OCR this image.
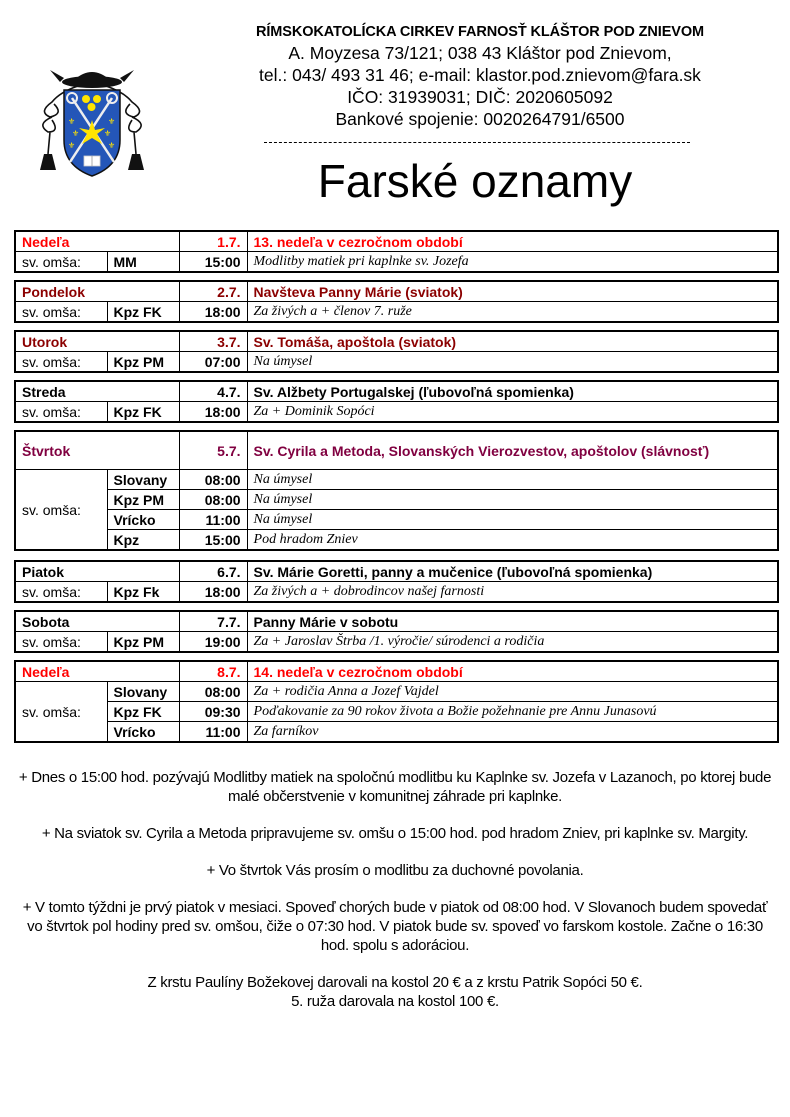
⚜
⚜
⚜
⚜
⚜
⚜
RÍMSKOKATOLÍCKA CIRKEV FARNOSŤ KLÁŠTOR POD ZNIEVOM
A. Moyzesa 73/121; 038 43 Kláštor pod Znievom,
tel.: 043/ 493 31 46; e-mail: klastor.pod.znievom@fara.sk
IČO: 31939031; DIČ: 2020605092
Bankové spojenie: 0020264791/6500
Farské oznamy
Nedeľa		1.7.	13. nedeľa v cezročnom období
sv. omša:	MM	15:00	Modlitby matiek pri kaplnke sv. Jozefa
Pondelok		2.7.	Navšteva Panny Márie (sviatok)
sv. omša:	Kpz FK	18:00	Za živých a + členov 7. ruže
Utorok		3.7.	Sv. Tomáša, apoštola (sviatok)
sv. omša:	Kpz PM	07:00	Na úmysel
Streda		4.7.	Sv. Alžbety Portugalskej (ľubovoľná spomienka)
sv. omša:	Kpz FK	18:00	Za + Dominik Sopóci
Štvrtok		5.7.	Sv. Cyrila a Metoda, Slovanských Vierozvestov, apoštolov (slávnosť)
sv. omša:	Slovany	08:00	Na úmysel
	Kpz PM	08:00	Na úmysel
	Vrícko	11:00	Na úmysel
	Kpz	15:00	Pod hradom Zniev
Piatok		6.7.	Sv. Márie Goretti, panny a mučenice (ľubovoľná spomienka)
sv. omša:	Kpz Fk	18:00	Za živých a + dobrodincov našej farnosti
Sobota		7.7.	Panny Márie v sobotu
sv. omša:	Kpz PM	19:00	Za + Jaroslav Štrba /1. výročie/ súrodenci a rodičia
Nedeľa		8.7.	14. nedeľa v cezročnom období
sv. omša:	Slovany	08:00	Za + rodičia Anna a Jozef Vajdel
	Kpz FK	09:30	Poďakovanie za 90 rokov života a Božie požehnanie pre Annu Junasovú
	Vrícko	11:00	Za farníkov

+ Dnes o 15:00 hod. pozývajú Modlitby matiek na spoločnú modlitbu ku Kaplnke sv. Jozefa v Lazanoch, po ktorej bude malé občerstvenie v komunitnej záhrade pri kaplnke.

+ Na sviatok sv. Cyrila a Metoda pripravujeme sv. omšu o 15:00 hod. pod hradom Zniev, pri kaplnke sv. Margity.

+ Vo štvrtok Vás prosím o modlitbu za duchovné povolania.

+ V tomto týždni je prvý piatok v mesiaci. Spoveď chorých bude v piatok od 08:00 hod. V Slovanoch budem spovedať vo štvrtok pol hodiny pred sv. omšou, čiže o 07:30 hod. V piatok bude sv. spoveď vo farskom kostole. Začne o 16:30 hod. spolu s adoráciou.

Z krstu Paulíny Božekovej darovali na kostol 20 € a z krstu Patrik Sopóci 50 €.

5. ruža darovala na kostol 100 €.
